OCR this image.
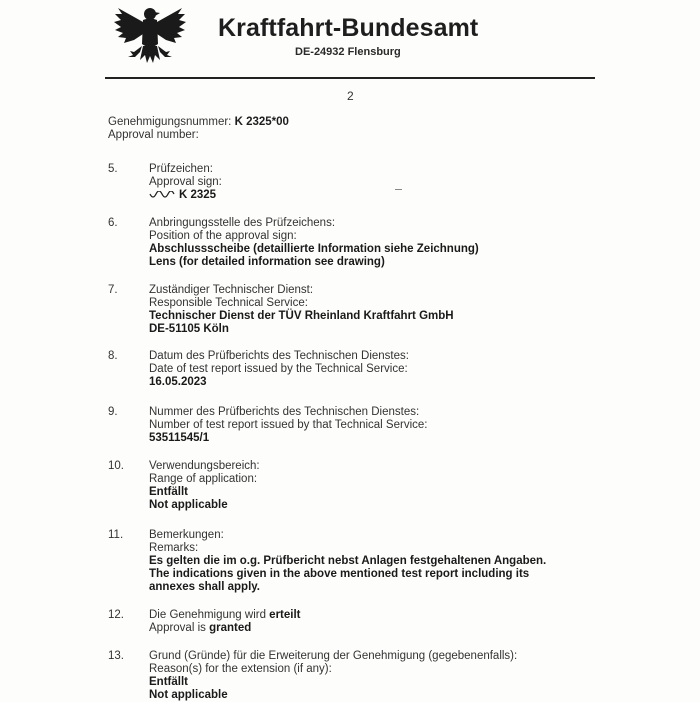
Kraftfahrt-Bundesamt
DE-24932 Flensburg
2
Genehmigungsnummer: K 2325*00
Approval number:
5.	Prüfzeichen:
Approval sign:
K 2325
6.	Anbringungsstelle des Prüfzeichens:
Position of the approval sign:
Abschlussscheibe (detaillierte Information siehe Zeichnung)
Lens (for detailed information see drawing)
7.	Zuständiger Technischer Dienst:
Responsible Technical Service:
Technischer Dienst der TÜV Rheinland Kraftfahrt GmbH
DE-51105 Köln
8.	Datum des Prüfberichts des Technischen Dienstes:
Date of test report issued by the Technical Service:
16.05.2023
9.	Nummer des Prüfberichts des Technischen Dienstes:
Number of test report issued by that Technical Service:
53511545/1
10.	Verwendungsbereich:
Range of application:
Entfällt
Not applicable
11.	Bemerkungen:
Remarks:
Es gelten die im o.g. Prüfbericht nebst Anlagen festgehaltenen Angaben.
The indications given in the above mentioned test report including its
annexes shall apply.
12.	Die Genehmigung wird erteilt
Approval is granted
13.	Grund (Gründe) für die Erweiterung der Genehmigung (gegebenenfalls):
Reason(s) for the extension (if any):
Entfällt
Not applicable
